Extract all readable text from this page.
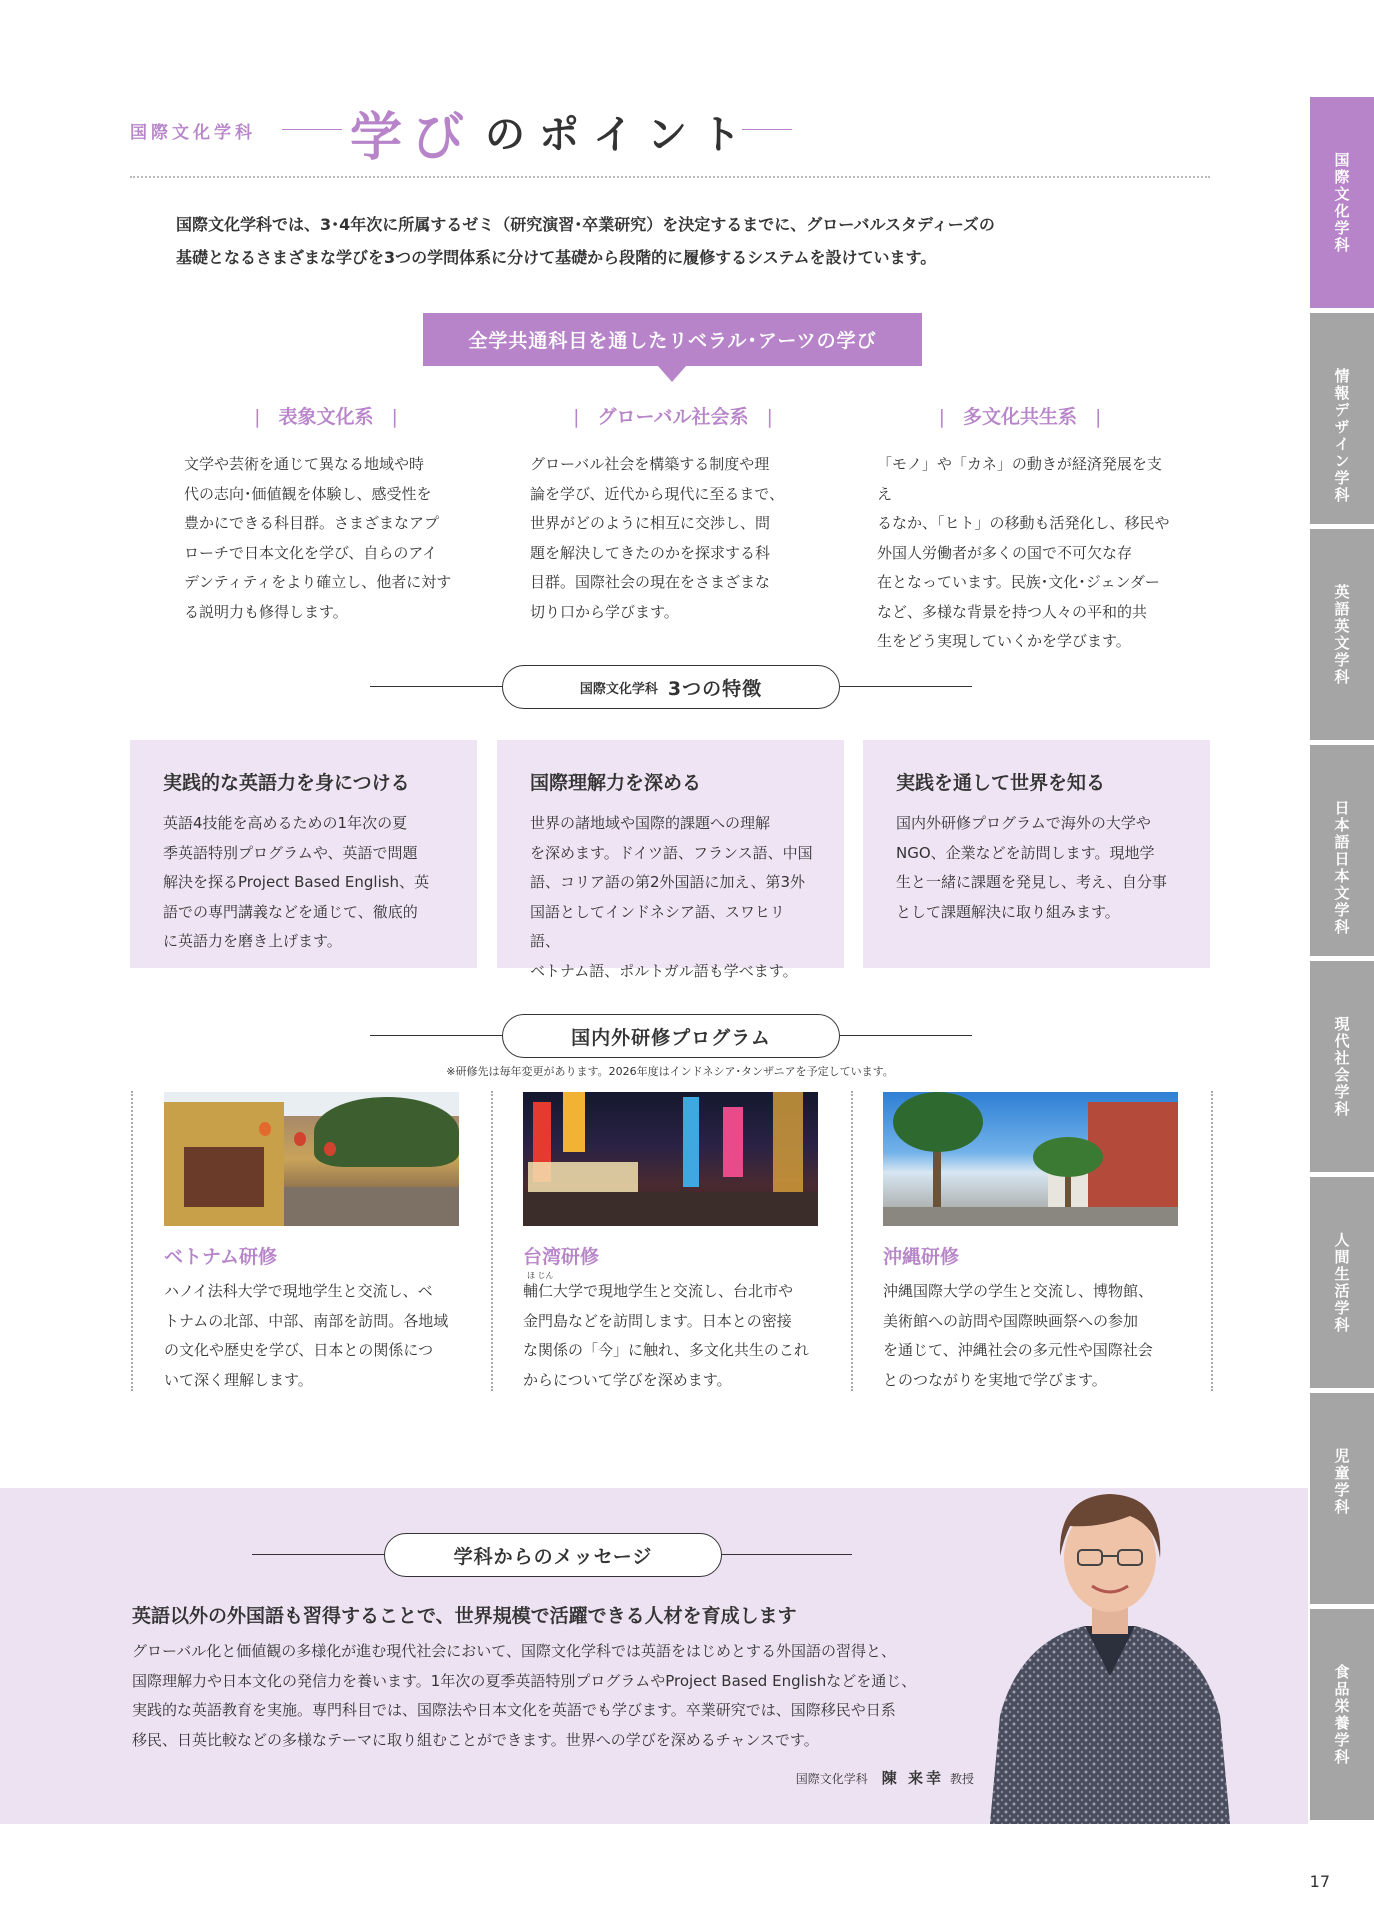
国際文化学科
情報デザイン学科
英語英文学科
日本語日本文学科
現代社会学科
人間生活学科
児童学科
食品栄養学科
国際文化学科 学び のポイント
国際文化学科では、3･4年次に所属するゼミ（研究演習･卒業研究）を決定するまでに、グローバルスタディーズの
基礎となるさまざまな学びを3つの学問体系に分けて基礎から段階的に履修するシステムを設けています。
全学共通科目を通したリベラル･アーツの学び
| 表象文化系 |
文学や芸術を通じて異なる地域や時
代の志向･価値観を体験し、感受性を
豊かにできる科目群。さまざまなアプ
ローチで日本文化を学び、自らのアイ
デンティティをより確立し、他者に対す
る説明力も修得します。
| グローバル社会系 |
グローバル社会を構築する制度や理
論を学び、近代から現代に至るまで、
世界がどのように相互に交渉し、問
題を解決してきたのかを探求する科
目群。国際社会の現在をさまざまな
切り口から学びます。
| 多文化共生系 |
「モノ」や「カネ」の動きが経済発展を支え
るなか、「ヒト」の移動も活発化し、移民や
外国人労働者が多くの国で不可欠な存
在となっています。民族･文化･ジェンダー
など、多様な背景を持つ人々の平和的共
生をどう実現していくかを学びます。
国際文化学科 3つの特徴
実践的な英語力を身につける

英語4技能を高めるための1年次の夏
季英語特別プログラムや、英語で問題
解決を探るProject Based English、英
語での専門講義などを通じて、徹底的
に英語力を磨き上げます。

国際理解力を深める

世界の諸地域や国際的課題への理解
を深めます。ドイツ語、フランス語、中国
語、コリア語の第2外国語に加え、第3外
国語としてインドネシア語、スワヒリ語、
ベトナム語、ポルトガル語も学べます。

実践を通して世界を知る

国内外研修プログラムで海外の大学や
NGO、企業などを訪問します。現地学
生と一緒に課題を発見し、考え、自分事
として課題解決に取り組みます。

国内外研修プログラム
※研修先は毎年変更があります。2026年度はインドネシア･タンザニアを予定しています。
ベトナム研修

ハノイ法科大学で現地学生と交流し、ベ
トナムの北部、中部、南部を訪問。各地域
の文化や歴史を学び、日本との関係につ
いて深く理解します。

台湾研修
ほ じん

輔仁大学で現地学生と交流し、台北市や
金門島などを訪問します。日本との密接
な関係の「今」に触れ、多文化共生のこれ
からについて学びを深めます。

沖縄研修

沖縄国際大学の学生と交流し、博物館、
美術館への訪問や国際映画祭への参加
を通じて、沖縄社会の多元性や国際社会
とのつながりを実地で学びます。

学科からのメッセージ
英語以外の外国語も習得することで、世界規模で活躍できる人材を育成します
グローバル化と価値観の多様化が進む現代社会において、国際文化学科では英語をはじめとする外国語の習得と、
国際理解力や日本文化の発信力を養います。1年次の夏季英語特別プログラムやProject Based Englishなどを通じ、
実践的な英語教育を実施。専門科目では、国際法や日本文化を英語でも学びます。卒業研究では、国際移民や日系
移民、日英比較などの多様なテーマに取り組むことができます。世界への学びを深めるチャンスです。
国際文化学科 陳 来幸 教授
17
